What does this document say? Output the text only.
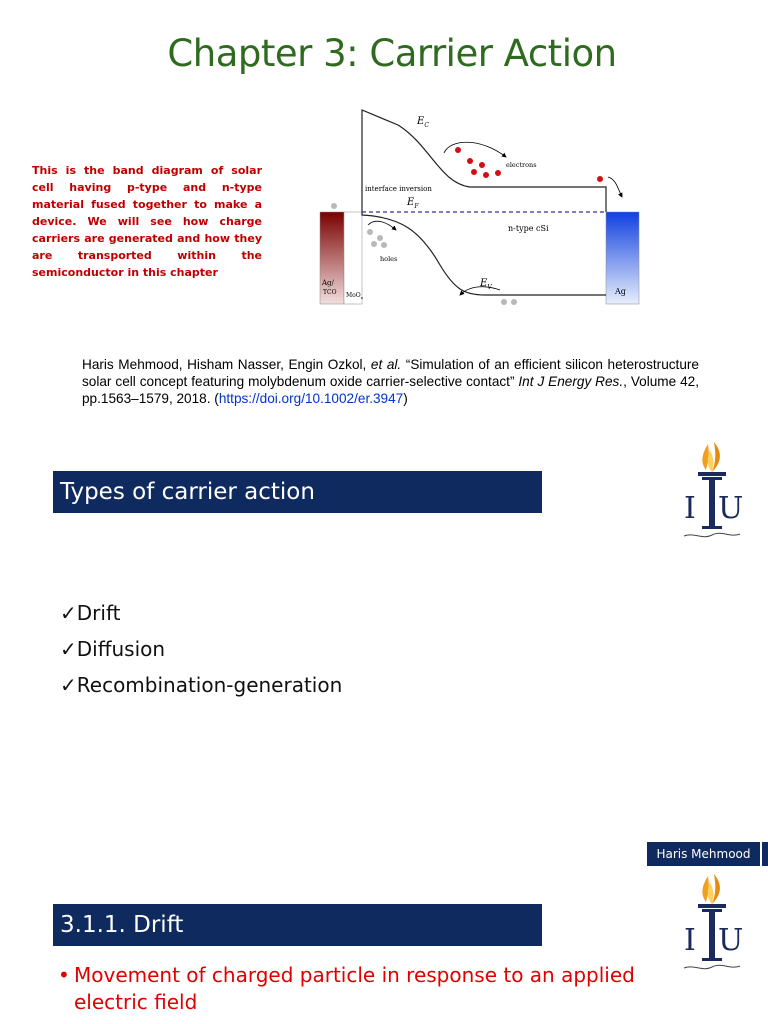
Chapter 3: Carrier Action
This is the band diagram of solar cell having p-type and n-type material fused together to make a device. We will see how charge carriers are generated and how they are transported within the semiconductor in this chapter
$E_C$
electrons
interface inversion
$E_F$
n-type cSi
holes
$E_V$
Ag/ TCO MoO$_x$
Ag
Haris Mehmood, Hisham Nasser, Engin Ozkol, et al. “Simulation of an efficient silicon heterostructure solar cell concept featuring molybdenum oxide carrier-selective contact” Int J Energy Res., Volume 42, pp.1563–1579, 2018. (https://doi.org/10.1002/er.3947)
Types of carrier action	I U
✓Drift
✓Diffusion
✓Recombination-generation
Haris Mehmood
3.1.1. Drift	I U
• Movement of charged particle in response to an applied electric field
